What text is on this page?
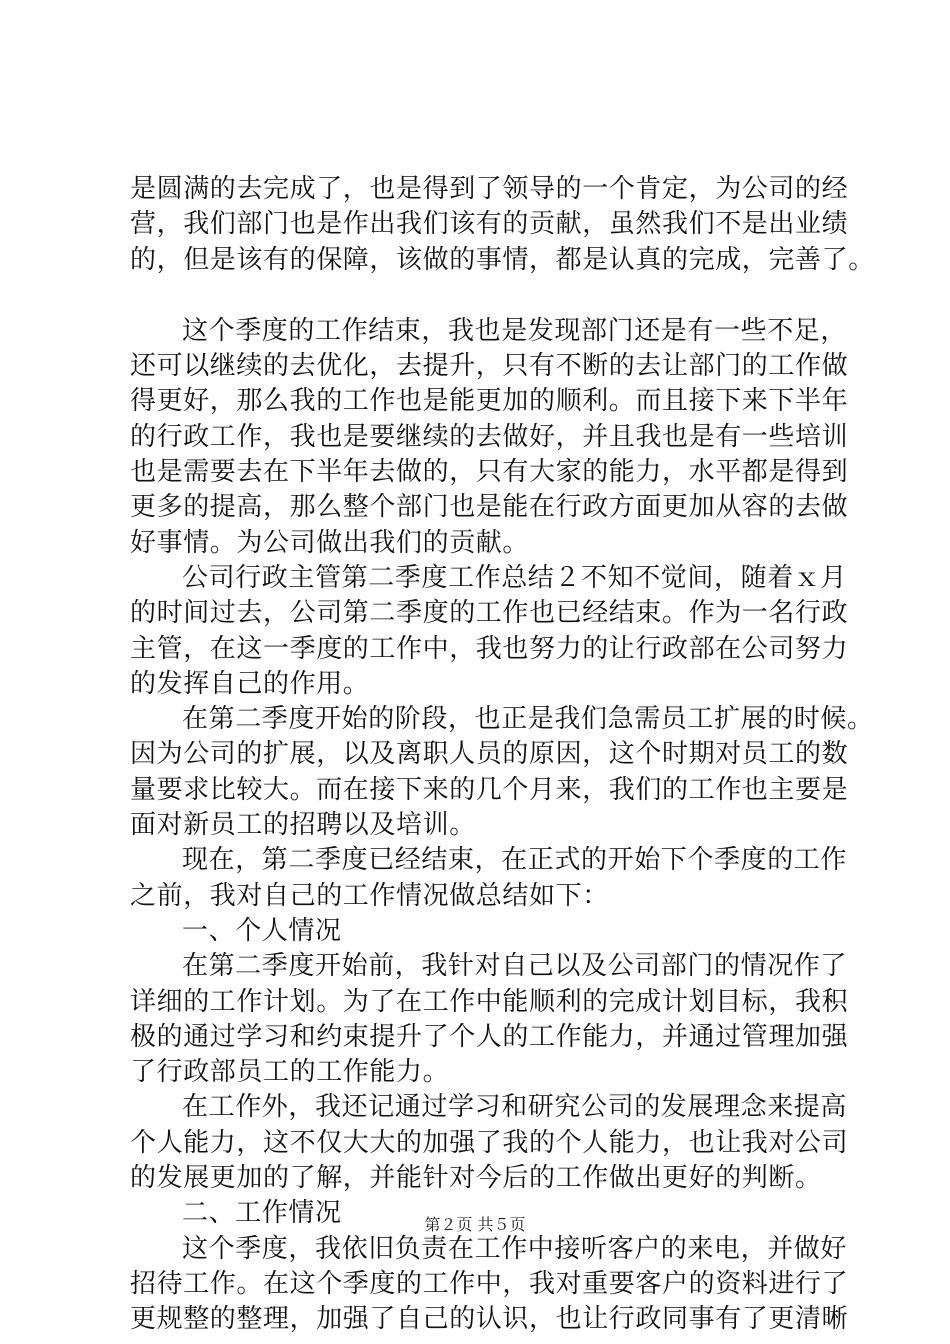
是圆满的去完成了，也是得到了领导的一个肯定，为公司的经
营，我们部门也是作出我们该有的贡献，虽然我们不是出业绩
的，但是该有的保障，该做的事情，都是认真的完成，完善了。
这个季度的工作结束，我也是发现部门还是有一些不足，
还可以继续的去优化，去提升，只有不断的去让部门的工作做
得更好，那么我的工作也是能更加的顺利。而且接下来下半年
的行政工作，我也是要继续的去做好，并且我也是有一些培训
也是需要去在下半年去做的，只有大家的能力，水平都是得到
更多的提高，那么整个部门也是能在行政方面更加从容的去做
好事情。为公司做出我们的贡献。
公司行政主管第二季度工作总结２不知不觉间，随着ｘ月
的时间过去，公司第二季度的工作也已经结束。作为一名行政
主管，在这一季度的工作中，我也努力的让行政部在公司努力
的发挥自己的作用。
在第二季度开始的阶段，也正是我们急需员工扩展的时候。
因为公司的扩展，以及离职人员的原因，这个时期对员工的数
量要求比较大。而在接下来的几个月来，我们的工作也主要是
面对新员工的招聘以及培训。
现在，第二季度已经结束，在正式的开始下个季度的工作
之前，我对自己的工作情况做总结如下：
一、个人情况
在第二季度开始前，我针对自己以及公司部门的情况作了
详细的工作计划。为了在工作中能顺利的完成计划目标，我积
极的通过学习和约束提升了个人的工作能力，并通过管理加强
了行政部员工的工作能力。
在工作外，我还记通过学习和研究公司的发展理念来提高
个人能力，这不仅大大的加强了我的个人能力，也让我对公司
的发展更加的了解，并能针对今后的工作做出更好的判断。
二、工作情况
这个季度，我依旧负责在工作中接听客户的来电，并做好
招待工作。在这个季度的工作中，我对重要客户的资料进行了
更规整的整理，加强了自己的认识，也让行政同事有了更清晰
第２页 共５页
